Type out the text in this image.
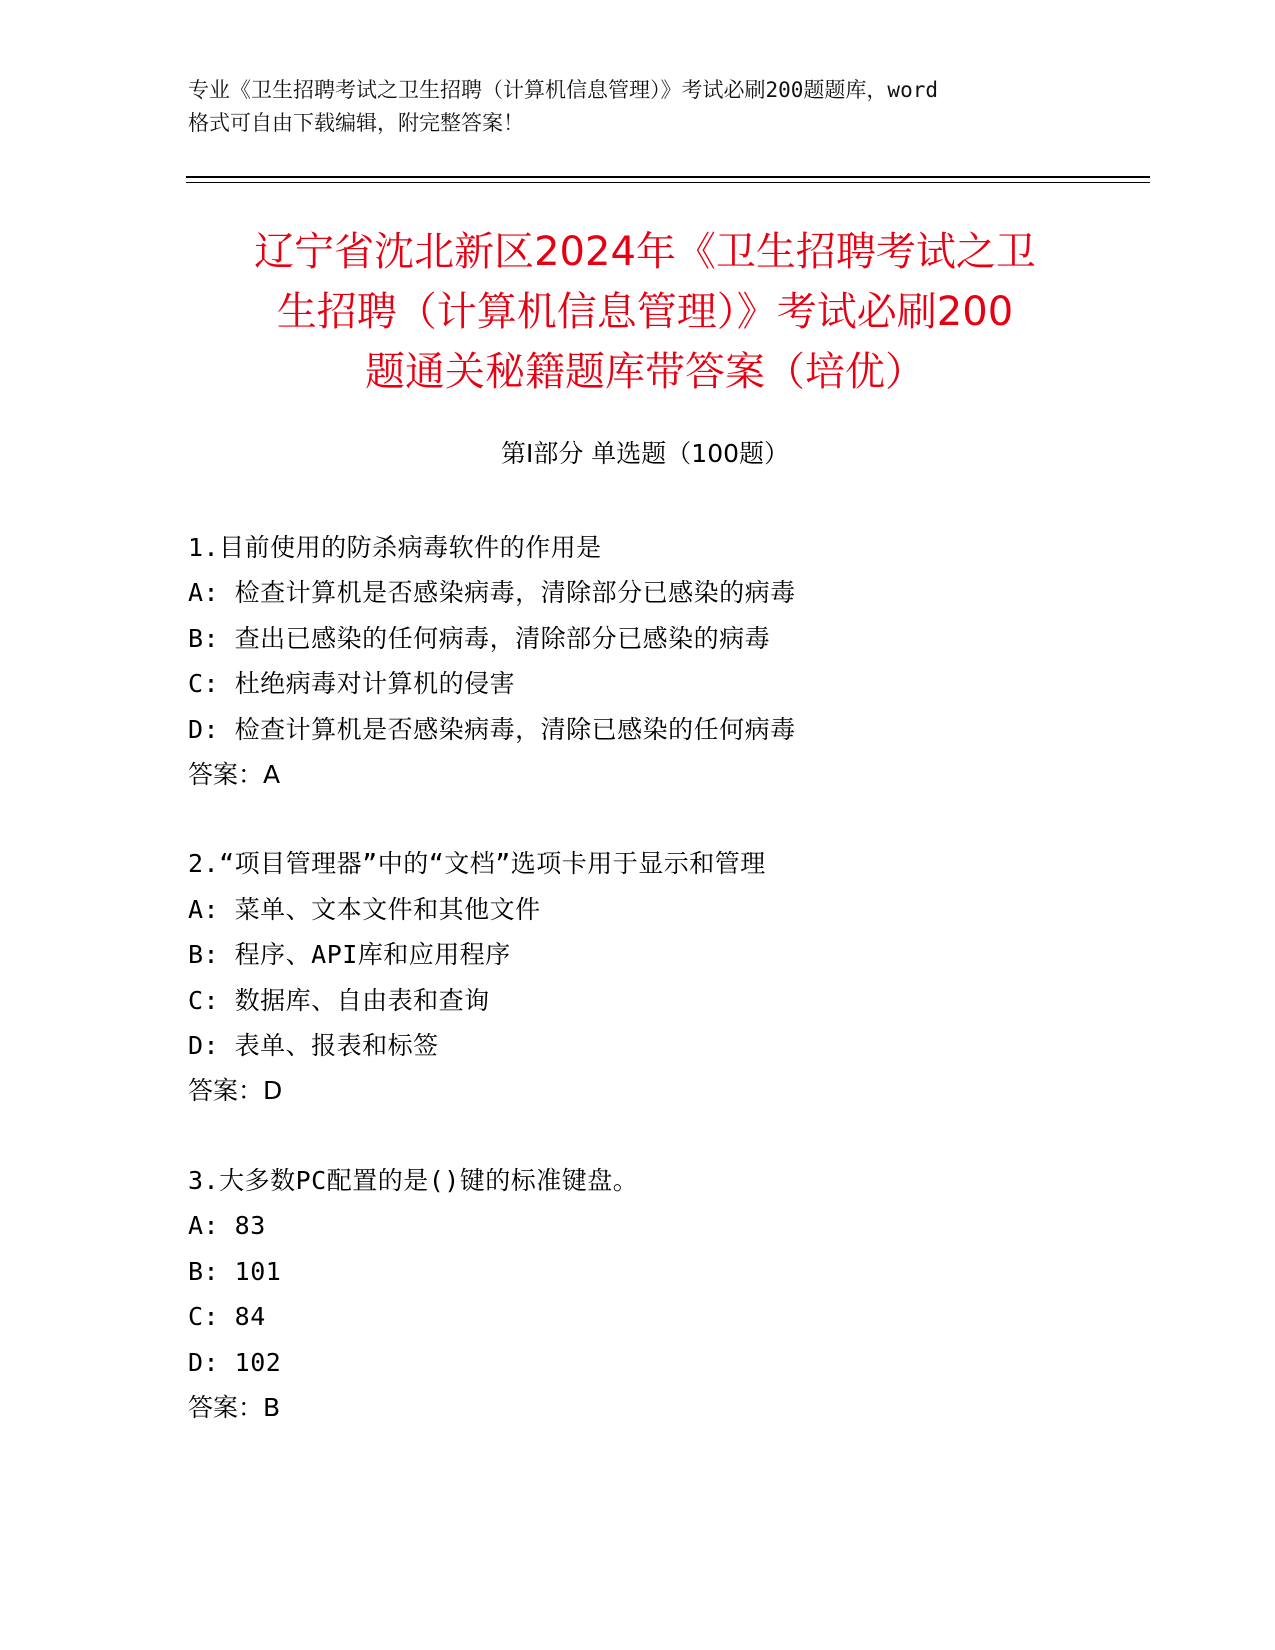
专业《卫生招聘考试之卫生招聘（计算机信息管理）》考试必刷200题题库，word
格式可自由下载编辑，附完整答案！
辽宁省沈北新区2024年《卫生招聘考试之卫
生招聘（计算机信息管理）》考试必刷200
题通关秘籍题库带答案（培优）
第Ⅰ部分 单选题（100题）
1.目前使用的防杀病毒软件的作用是
A: 检查计算机是否感染病毒，清除部分已感染的病毒
B: 查出已感染的任何病毒，清除部分已感染的病毒
C: 杜绝病毒对计算机的侵害
D: 检查计算机是否感染病毒，清除已感染的任何病毒
答案：A
2.“项目管理器”中的“文档”选项卡用于显示和管理
A: 菜单、文本文件和其他文件
B: 程序、API库和应用程序
C: 数据库、自由表和查询
D: 表单、报表和标签
答案：D
3.大多数PC配置的是()键的标准键盘。
A: 83
B: 101
C: 84
D: 102
答案：B
